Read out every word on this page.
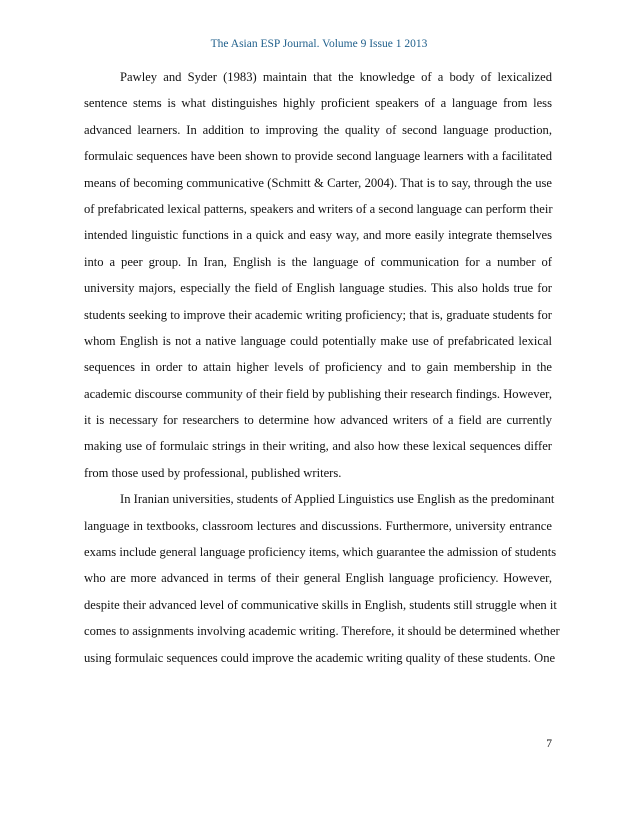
The Asian ESP Journal. Volume 9 Issue 1 2013

Pawley and Syder (1983) maintain that the knowledge of a body of lexicalized
sentence stems is what distinguishes highly proficient speakers of a language from less
advanced learners. In addition to improving the quality of second language production,
formulaic sequences have been shown to provide second language learners with a facilitated
means of becoming communicative (Schmitt & Carter, 2004). That is to say, through the use
of prefabricated lexical patterns, speakers and writers of a second language can perform their
intended linguistic functions in a quick and easy way, and more easily integrate themselves
into a peer group. In Iran, English is the language of communication for a number of
university majors, especially the field of English language studies. This also holds true for
students seeking to improve their academic writing proficiency; that is, graduate students for
whom English is not a native language could potentially make use of prefabricated lexical
sequences in order to attain higher levels of proficiency and to gain membership in the
academic discourse community of their field by publishing their research findings. However,
it is necessary for researchers to determine how advanced writers of a field are currently
making use of formulaic strings in their writing, and also how these lexical sequences differ
from those used by professional, published writers.

In Iranian universities, students of Applied Linguistics use English as the predominant
language in textbooks, classroom lectures and discussions. Furthermore, university entrance
exams include general language proficiency items, which guarantee the admission of students
who are more advanced in terms of their general English language proficiency. However,
despite their advanced level of communicative skills in English, students still struggle when it
comes to assignments involving academic writing. Therefore, it should be determined whether
using formulaic sequences could improve the academic writing quality of these students. One

7
